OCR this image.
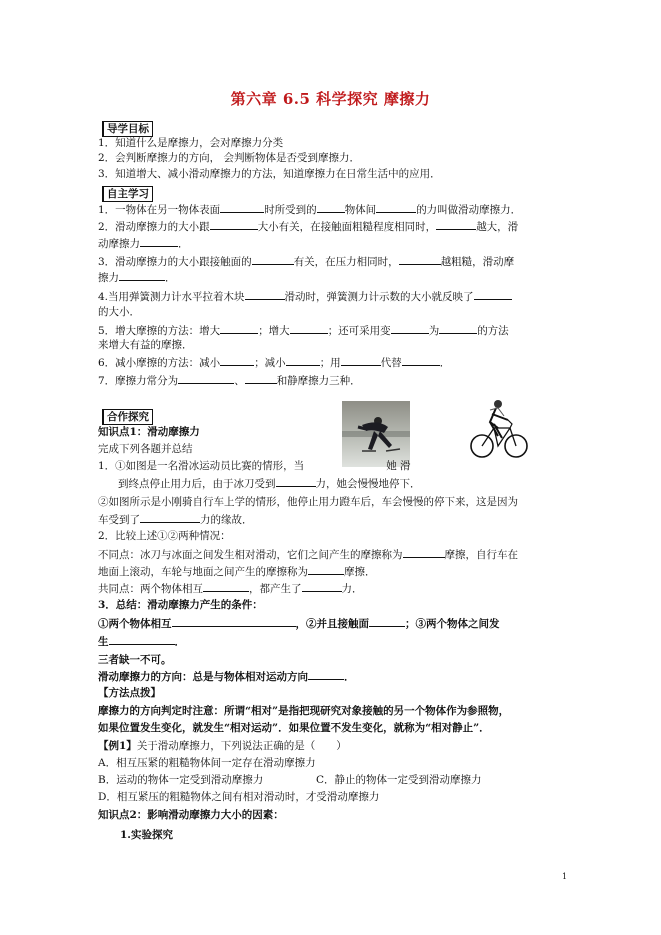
第六章 6.5 科学探究 摩擦力
导学目标
1．知道什么是摩擦力，会对摩擦力分类
2．会判断摩擦力的方向， 会判断物体是否受到摩擦力．
3．知道增大、减小滑动摩擦力的方法，知道摩擦力在日常生活中的应用．
自主学习
1．一物体在另一物体表面	时所受到的	物体间	的力叫做滑动摩擦力．
2．滑动摩擦力的大小跟	大小有关，在接触面粗糙程度相同时，	越大，滑
动摩擦力	．
3．滑动摩擦力的大小跟接触面的	有关，在压力相同时，	越粗糙，滑动摩
擦力	．
4.当用弹簧测力计水平拉着木块	滑动时，弹簧测力计示数的大小就反映了
的大小．
5．增大摩擦的方法：增大	；增大	；还可采用变	为	的方法
来增大有益的摩擦．
6．减小摩擦的方法：减小	；减小	；用	代替	．
7．摩擦力常分为	、	和静摩擦力三种．
合作探究
知识点1：滑动摩擦力
完成下列各题并总结
1．①如图是一名滑冰运动员比赛的情形，当	她 滑
到终点停止用力后，由于冰刀受到	力，她会慢慢地停下．
②如图所示是小刚骑自行车上学的情形，他停止用力蹬车后，车会慢慢的停下来，这是因为
车受到了	力的缘故．
2．比较上述①②两种情况：
不同点：冰刀与冰面之间发生相对滑动，它们之间产生的摩擦称为	摩擦，自行车在
地面上滚动，车轮与地面之间产生的摩擦称为	摩擦．
共同点：两个物体相互	，都产生了	力．
3．总结：滑动摩擦力产生的条件：
①两个物体相互	，②并且接触面	；③两个物体之间发
生	．
三者缺一不可。
滑动摩擦力的方向：总是与物体相对运动方向	．
【方法点拨】
摩擦力的方向判定时注意：所谓“相对”是指把现研究对象接触的另一个物体作为参照物，
如果位置发生变化，就发生“相对运动”．如果位置不发生变化，就称为“相对静止”．
【例1】关于滑动摩擦力，下列说法正确的是（　　）
A．相互压紧的粗糙物体间一定存在滑动摩擦力
B．运动的物体一定受到滑动摩擦力	C．静止的物体一定受到滑动摩擦力
D．相互紧压的粗糙物体之间有相对滑动时，才受滑动摩擦力
知识点2：影响滑动摩擦力大小的因素：
1.实验探究
1
